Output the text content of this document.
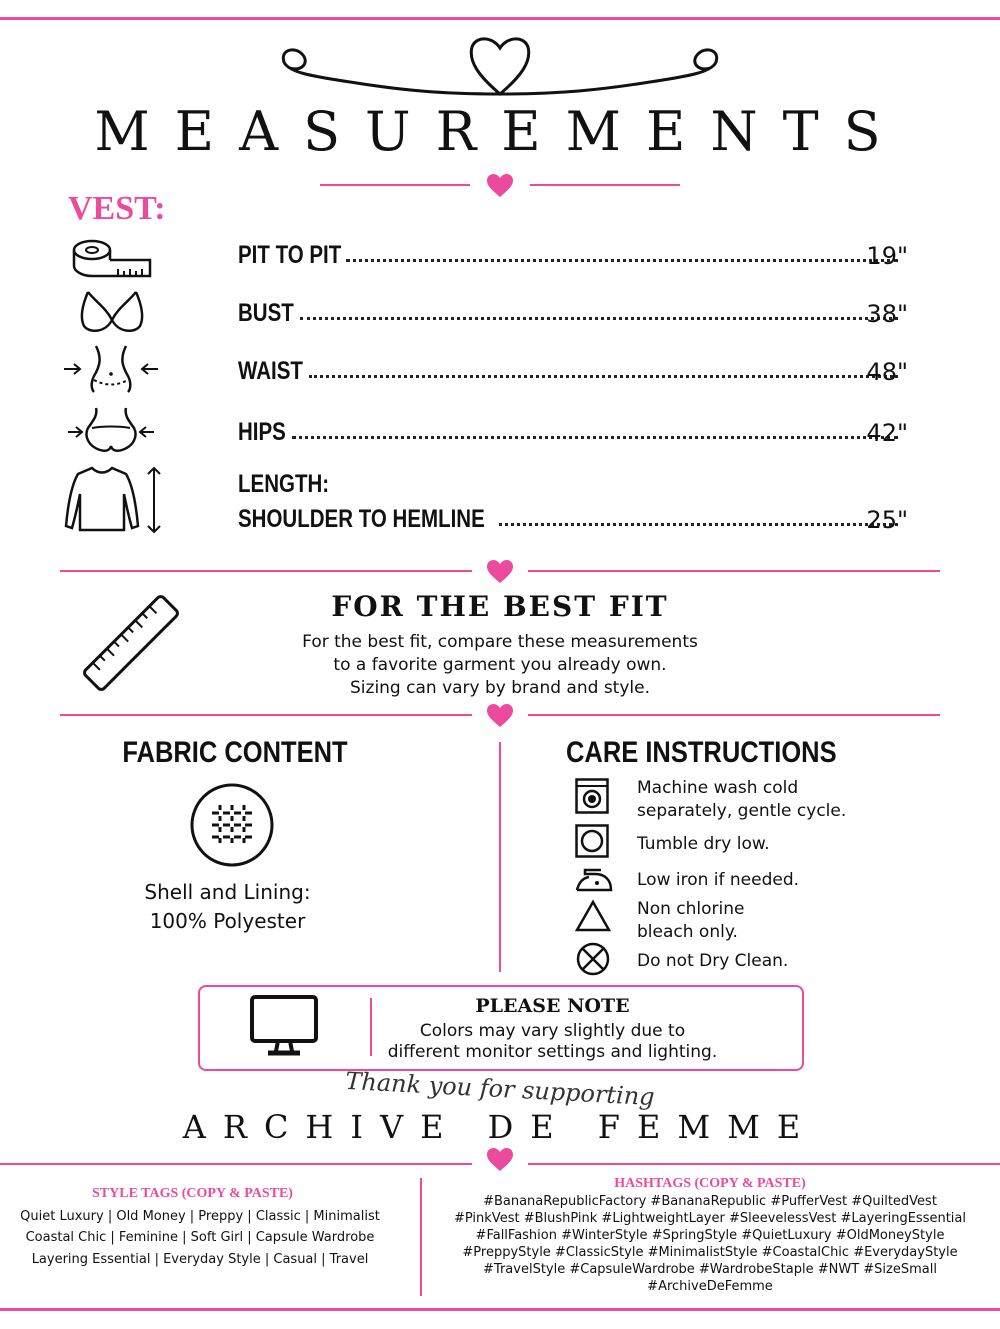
MEASUREMENTS
VEST:
PIT TO PIT	19"
BUST	38"
WAIST	48"
HIPS	42"
LENGTH:
SHOULDER TO HEMLINE	25"
FOR THE BEST FIT
For the best fit, compare these measurements
to a favorite garment you already own.
Sizing can vary by brand and style.
FABRIC CONTENT
Shell and Lining:
100% Polyester
CARE INSTRUCTIONS
Machine wash cold
separately, gentle cycle.
Tumble dry low.
Low iron if needed.
Non chlorine
bleach only.
Do not Dry Clean.
PLEASE NOTE
Colors may vary slightly due to
different monitor settings and lighting.
Thank you for supporting
ARCHIVE DE FEMME
STYLE TAGS (COPY & PASTE)
Quiet Luxury | Old Money | Preppy | Classic | Minimalist
Coastal Chic | Feminine | Soft Girl | Capsule Wardrobe
Layering Essential | Everyday Style | Casual | Travel
HASHTAGS (COPY & PASTE)
#BananaRepublicFactory #BananaRepublic #PufferVest #QuiltedVest
#PinkVest #BlushPink #LightweightLayer #SleevelessVest #LayeringEssential
#FallFashion #WinterStyle #SpringStyle #QuietLuxury #OldMoneyStyle
#PreppyStyle #ClassicStyle #MinimalistStyle #CoastalChic #EverydayStyle
#TravelStyle #CapsuleWardrobe #WardrobeStaple #NWT #SizeSmall
#ArchiveDeFemme
